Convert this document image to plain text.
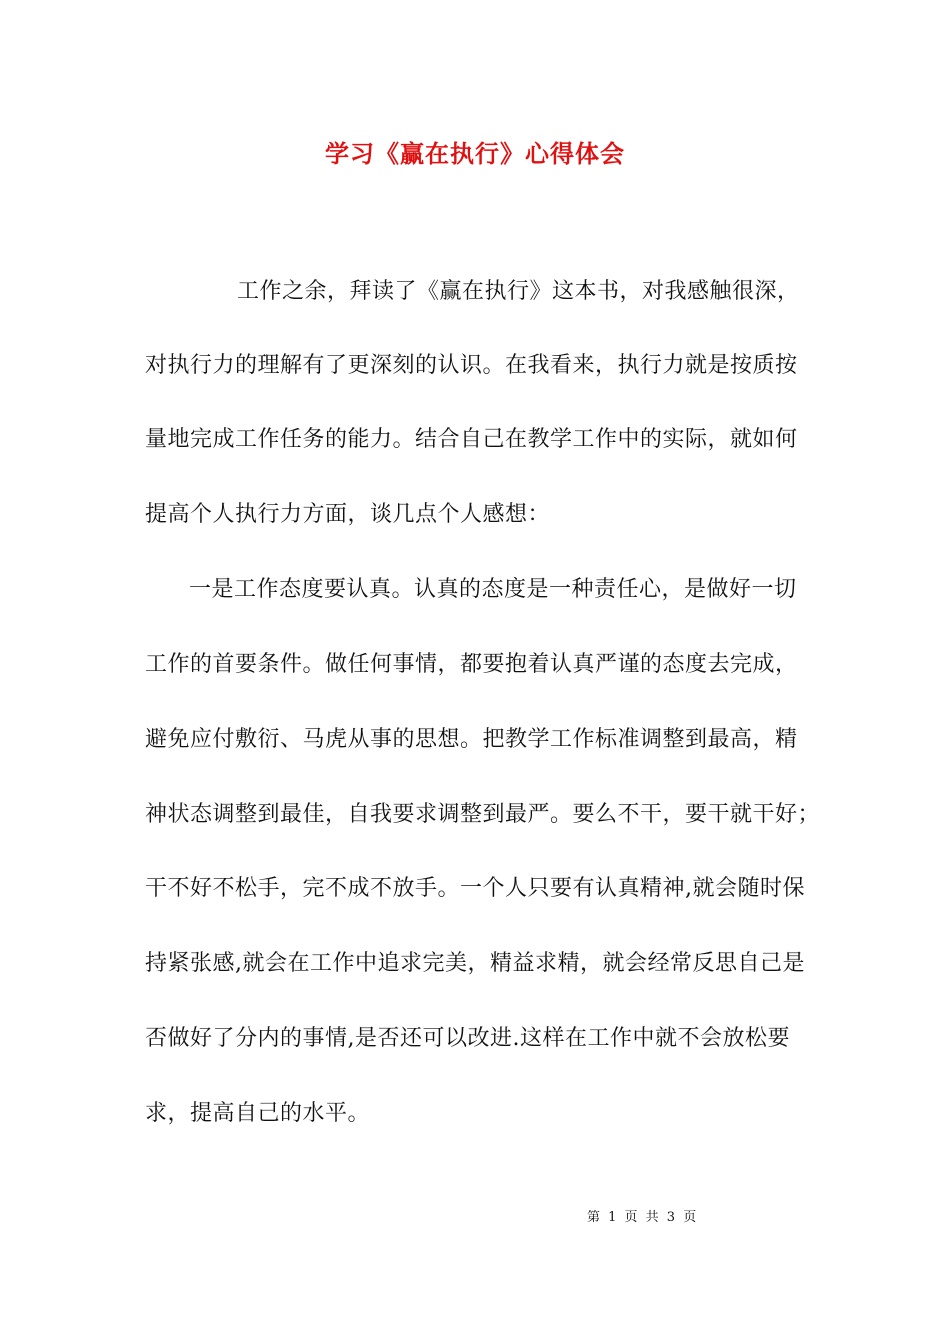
学习《赢在执行》心得体会
工作之余，拜读了《赢在执行》这本书，对我感触很深，
对执行力的理解有了更深刻的认识。在我看来，执行力就是按质按
量地完成工作任务的能力。结合自己在教学工作中的实际，就如何
提高个人执行力方面，谈几点个人感想：
一是工作态度要认真。认真的态度是一种责任心，是做好一切
工作的首要条件。做任何事情，都要抱着认真严谨的态度去完成，
避免应付敷衍、马虎从事的思想。把教学工作标准调整到最高，精
神状态调整到最佳，自我要求调整到最严。要么不干，要干就干好；
干不好不松手，完不成不放手。一个人只要有认真精神,就会随时保
持紧张感,就会在工作中追求完美，精益求精，就会经常反思自己是
否做好了分内的事情,是否还可以改进.这样在工作中就不会放松要
求，提高自己的水平。
第 1 页 共 3 页
